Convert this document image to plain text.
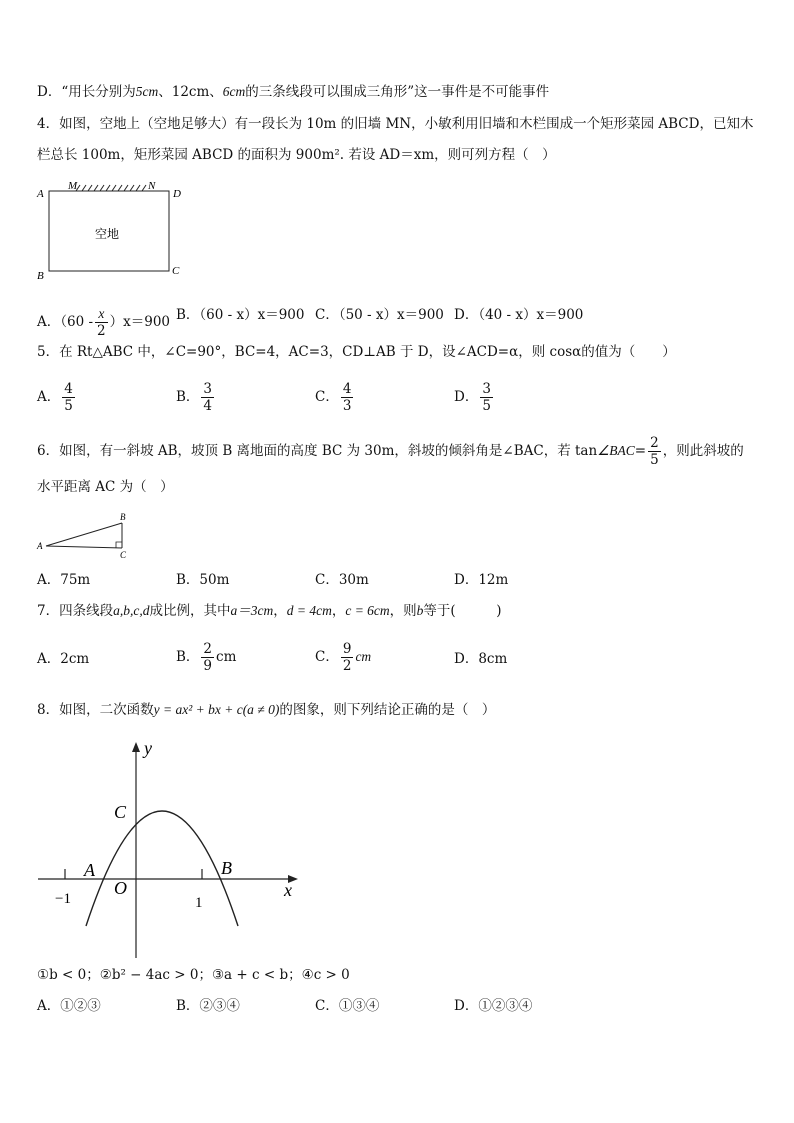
D．“用长分别为5cm、12cm、6cm的三条线段可以围成三角形”这一事件是不可能事件
4．如图，空地上（空地足够大）有一段长为 10m 的旧墙 MN，小敏利用旧墙和木栏围成一个矩形菜园 ABCD，已知木
栏总长 100m，矩形菜园 ABCD 的面积为 900m². 若设 AD＝xm，则可列方程（　）
A
M	N
D
B	C
空地
A．$(60 - \frac{x}{2} )x=900$ B．（60 - x）x＝900 C．（50 - x）x＝900 D．（40 - x）x＝900
5．在 Rt△ABC 中，∠C=90°，BC=4，AC=3，CD⊥AB 于 D，设∠ACD=α，则 cosα的值为（　　）
A． $\frac{4}{5}$	B． $\frac{3}{4}$	C． $\frac{4}{3}$	D． $\frac{3}{5}$
6．如图，有一斜坡 AB，坡顶 B 离地面的高度 BC 为 30m，斜坡的倾斜角是∠BAC，若 tan∠BAC= $\frac{2}{5}$ ，则此斜坡的
水平距离 AC 为（　）
A
B
C
A．75m	B．50m	C．30m	D．12m
7．四条线段a,b,c,d成比例，其中a＝3cm，d = 4cm，c = 6cm，则b等于(　　　)
A．2cm	B． $\frac{2}{9}$ cm	C． $\frac{9}{2}$ cm	D．8cm
8．如图，二次函数y = ax² + bx + c(a ≠ 0)的图象，则下列结论正确的是（　）
y
x
O
C
A	B
−1	1
①b < 0；②b² − 4ac > 0；③a + c < b；④c > 0
A．①②③	B．②③④	C．①③④	D．①②③④
